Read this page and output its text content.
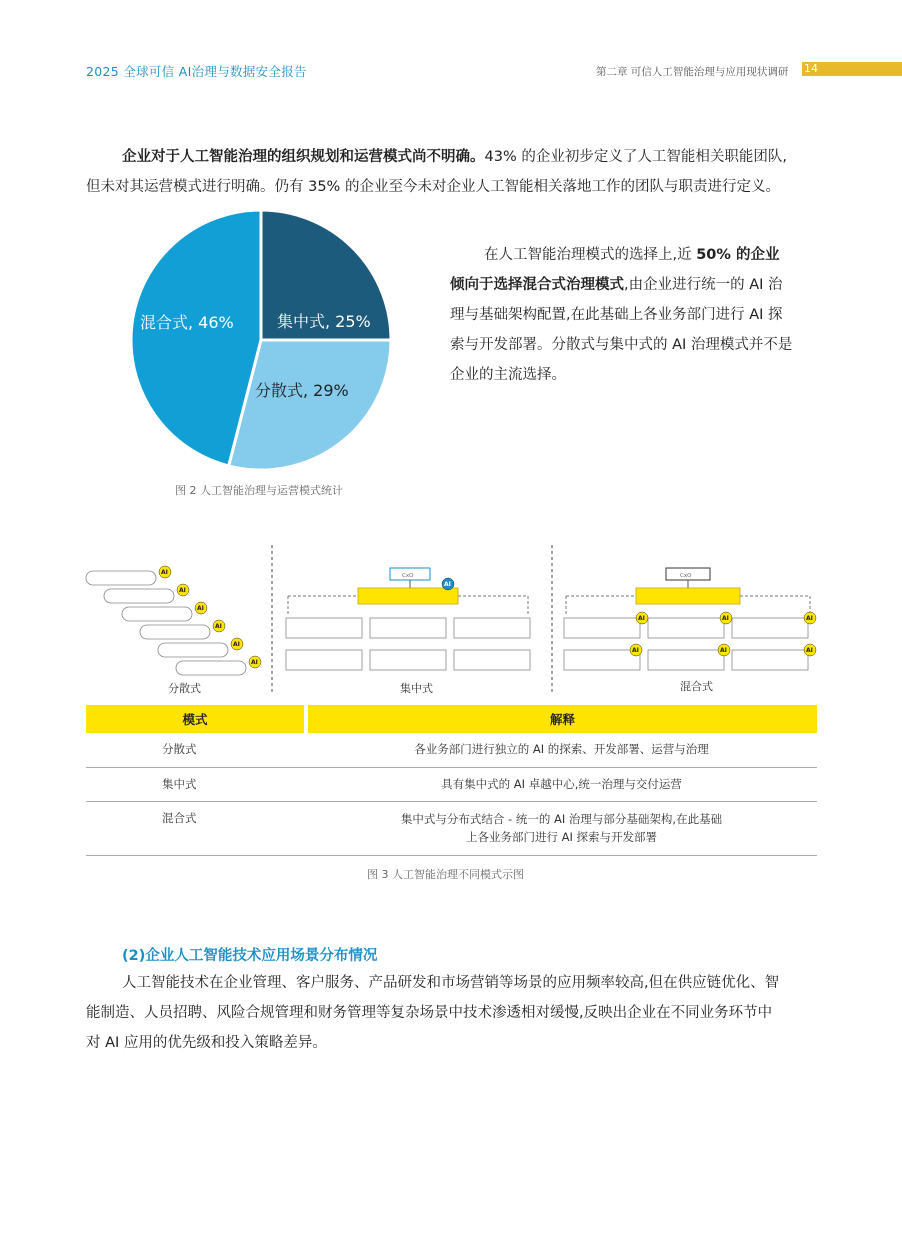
2025 全球可信 AI治理与数据安全报告	第二章 可信人工智能治理与应用现状调研 14
企业对于人工智能治理的组织规划和运营模式尚不明确。43% 的企业初步定义了人工智能相关职能团队,
但未对其运营模式进行明确。仍有 35% 的企业至今未对企业人工智能相关落地工作的团队与职责进行定义。
集中式, 25%
分散式, 29%
混合式, 46%
在人工智能治理模式的选择上,近 50% 的企业
倾向于选择混合式治理模式,由企业进行统一的 AI 治
理与基础架构配置,在此基础上各业务部门进行 AI 探
索与开发部署。分散式与集中式的 AI 治理模式并不是
企业的主流选择。
图 2 人工智能治理与运营模式统计
AI
AI
AI
AI
AI
AI
分散式
CxO
AI
集中式
CxO
AI	AI	AI
AI	AI	AI
混合式
模式	解释
分散式	各业务部门进行独立的 AI 的探索、开发部署、运营与治理
集中式	具有集中式的 AI 卓越中心,统一治理与交付运营
混合式	集中式与分布式结合 - 统一的 AI 治理与部分基础架构,在此基础
上各业务部门进行 AI 探索与开发部署
图 3 人工智能治理不同模式示图
(2)企业人工智能技术应用场景分布情况
人工智能技术在企业管理、客户服务、产品研发和市场营销等场景的应用频率较高,但在供应链优化、智
能制造、人员招聘、风险合规管理和财务管理等复杂场景中技术渗透相对缓慢,反映出企业在不同业务环节中
对 AI 应用的优先级和投入策略差异。
